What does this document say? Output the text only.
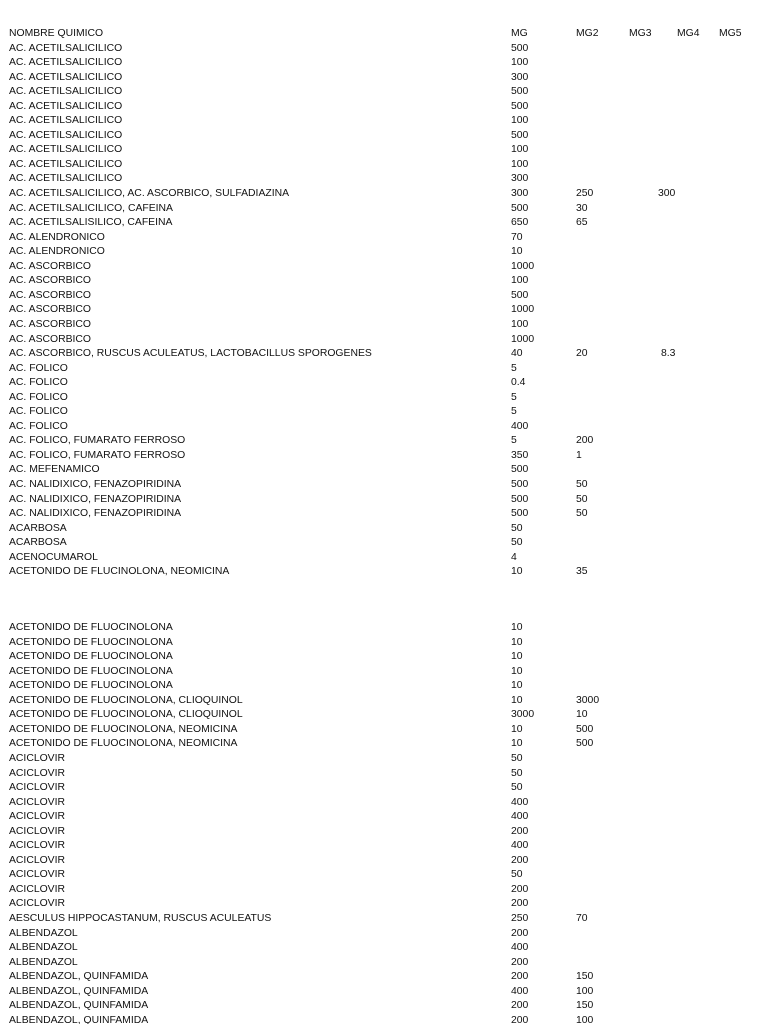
NOMBRE QUIMICO	MG	MG2	MG3 MG4 MG5
AC. ACETILSALICILICO	500
AC. ACETILSALICILICO	100
AC. ACETILSALICILICO	300
AC. ACETILSALICILICO	500
AC. ACETILSALICILICO	500
AC. ACETILSALICILICO	100
AC. ACETILSALICILICO	500
AC. ACETILSALICILICO	100
AC. ACETILSALICILICO	100
AC. ACETILSALICILICO	300
AC. ACETILSALICILICO, AC. ASCORBICO, SULFADIAZINA	300	250	300
AC. ACETILSALICILICO, CAFEINA	500	30
AC. ACETILSALISILICO, CAFEINA	650	65
AC. ALENDRONICO	70
AC. ALENDRONICO	10
AC. ASCORBICO	1000
AC. ASCORBICO	100
AC. ASCORBICO	500
AC. ASCORBICO	1000
AC. ASCORBICO	100
AC. ASCORBICO	1000
AC. ASCORBICO, RUSCUS ACULEATUS, LACTOBACILLUS SPOROGENES	40	20	8.3
AC. FOLICO	5
AC. FOLICO	0.4
AC. FOLICO	5
AC. FOLICO	5
AC. FOLICO	400
AC. FOLICO, FUMARATO FERROSO	5	200
AC. FOLICO, FUMARATO FERROSO	350	1
AC. MEFENAMICO	500
AC. NALIDIXICO, FENAZOPIRIDINA	500	50
AC. NALIDIXICO, FENAZOPIRIDINA	500	50
AC. NALIDIXICO, FENAZOPIRIDINA	500	50
ACARBOSA	50
ACARBOSA	50
ACENOCUMAROL	4
ACETONIDO DE FLUCINOLONA, NEOMICINA	10	35
ACETONIDO DE FLUOCINOLONA	10
ACETONIDO DE FLUOCINOLONA	10
ACETONIDO DE FLUOCINOLONA	10
ACETONIDO DE FLUOCINOLONA	10
ACETONIDO DE FLUOCINOLONA	10
ACETONIDO DE FLUOCINOLONA, CLIOQUINOL	10	3000
ACETONIDO DE FLUOCINOLONA, CLIOQUINOL	3000	10
ACETONIDO DE FLUOCINOLONA, NEOMICINA	10	500
ACETONIDO DE FLUOCINOLONA, NEOMICINA	10	500
ACICLOVIR	50
ACICLOVIR	50
ACICLOVIR	50
ACICLOVIR	400
ACICLOVIR	400
ACICLOVIR	200
ACICLOVIR	400
ACICLOVIR	200
ACICLOVIR	50
ACICLOVIR	200
ACICLOVIR	200
AESCULUS HIPPOCASTANUM, RUSCUS ACULEATUS	250	70
ALBENDAZOL	200
ALBENDAZOL	400
ALBENDAZOL	200
ALBENDAZOL, QUINFAMIDA	200	150
ALBENDAZOL, QUINFAMIDA	400	100
ALBENDAZOL, QUINFAMIDA	200	150
ALBENDAZOL, QUINFAMIDA	200	100
